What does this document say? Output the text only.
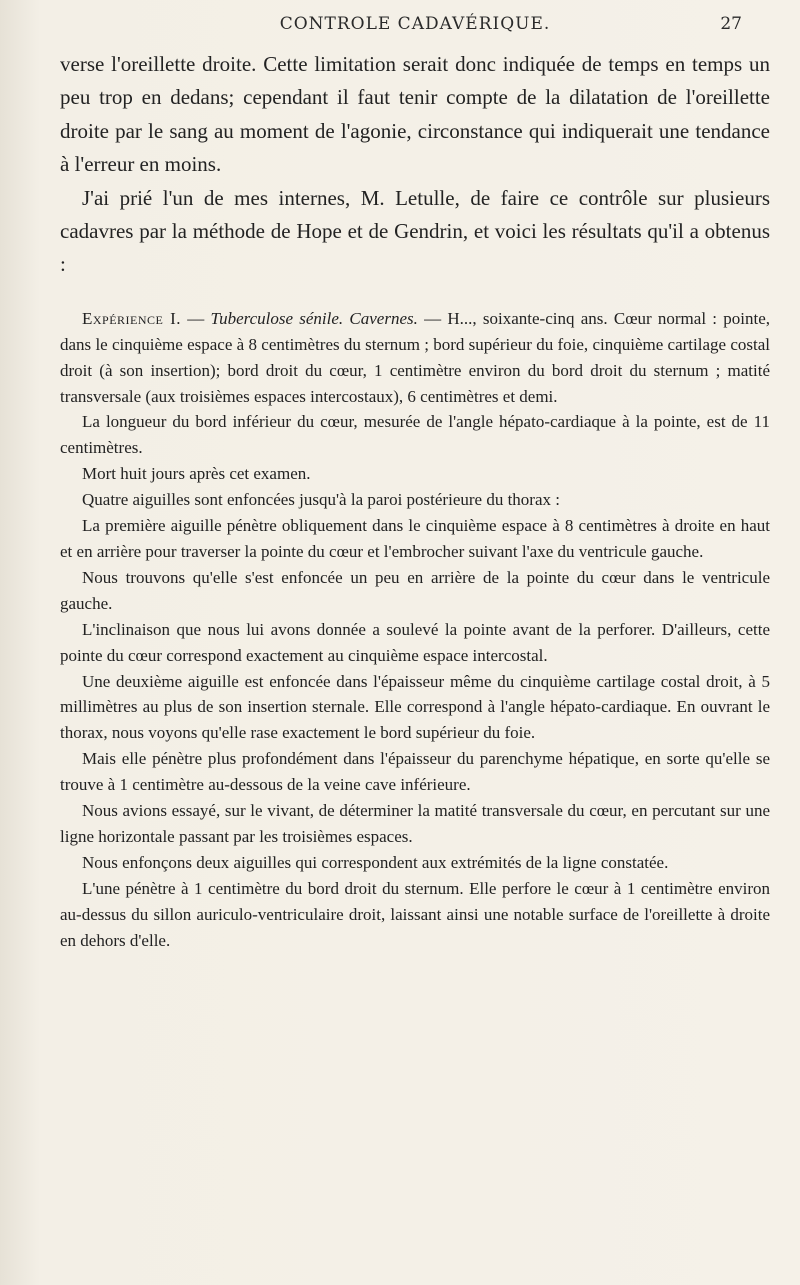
CONTROLE CADAVÉRIQUE.	27

verse l'oreillette droite. Cette limitation serait donc indiquée de temps en temps un peu trop en dedans; cependant il faut tenir compte de la dilatation de l'oreillette droite par le sang au moment de l'agonie, circonstance qui indiquerait une tendance à l'erreur en moins.

J'ai prié l'un de mes internes, M. Letulle, de faire ce contrôle sur plusieurs cadavres par la méthode de Hope et de Gendrin, et voici les résultats qu'il a obtenus :

Expérience I. — Tuberculose sénile. Cavernes. — H..., soixante-cinq ans. Cœur normal : pointe, dans le cinquième espace à 8 centimètres du sternum ; bord supérieur du foie, cinquième cartilage costal droit (à son insertion); bord droit du cœur, 1 centimètre environ du bord droit du sternum ; matité transversale (aux troisièmes espaces intercostaux), 6 centimètres et demi.

La longueur du bord inférieur du cœur, mesurée de l'angle hépato-cardiaque à la pointe, est de 11 centimètres.

Mort huit jours après cet examen.

Quatre aiguilles sont enfoncées jusqu'à la paroi postérieure du thorax :

La première aiguille pénètre obliquement dans le cinquième espace à 8 centimètres à droite en haut et en arrière pour traverser la pointe du cœur et l'embrocher suivant l'axe du ventricule gauche.

Nous trouvons qu'elle s'est enfoncée un peu en arrière de la pointe du cœur dans le ventricule gauche.

L'inclinaison que nous lui avons donnée a soulevé la pointe avant de la perforer. D'ailleurs, cette pointe du cœur correspond exactement au cinquième espace intercostal.

Une deuxième aiguille est enfoncée dans l'épaisseur même du cinquième cartilage costal droit, à 5 millimètres au plus de son insertion sternale. Elle correspond à l'angle hépato-cardiaque. En ouvrant le thorax, nous voyons qu'elle rase exactement le bord supérieur du foie.

Mais elle pénètre plus profondément dans l'épaisseur du parenchyme hépatique, en sorte qu'elle se trouve à 1 centimètre au-dessous de la veine cave inférieure.

Nous avions essayé, sur le vivant, de déterminer la matité transversale du cœur, en percutant sur une ligne horizontale passant par les troisièmes espaces.

Nous enfonçons deux aiguilles qui correspondent aux extrémités de la ligne constatée.

L'une pénètre à 1 centimètre du bord droit du sternum. Elle perfore le cœur à 1 centimètre environ au-dessus du sillon auriculo-ventriculaire droit, laissant ainsi une notable surface de l'oreillette à droite en dehors d'elle.
